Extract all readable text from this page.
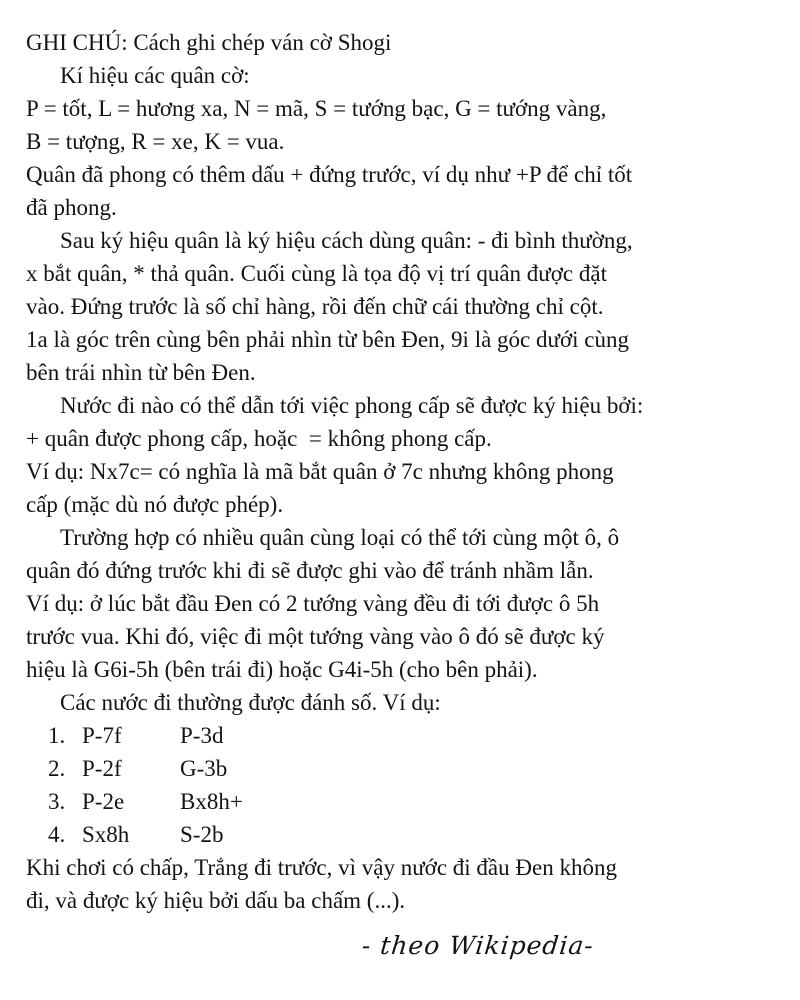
GHI CHÚ: Cách ghi chép ván cờ Shogi
Kí hiệu các quân cờ:
P = tốt, L = hương xa, N = mã, S = tướng bạc, G = tướng vàng,
B = tượng, R = xe, K = vua.
Quân đã phong có thêm dấu + đứng trước, ví dụ như +P để chỉ tốt
đã phong.
Sau ký hiệu quân là ký hiệu cách dùng quân: - đi bình thường,
x bắt quân, * thả quân. Cuối cùng là tọa độ vị trí quân được đặt
vào. Đứng trước là số chỉ hàng, rồi đến chữ cái thường chỉ cột.
1a là góc trên cùng bên phải nhìn từ bên Đen, 9i là góc dưới cùng
bên trái nhìn từ bên Đen.
Nước đi nào có thể dẫn tới việc phong cấp sẽ được ký hiệu bởi:
+ quân được phong cấp, hoặc  = không phong cấp.
Ví dụ: Nx7c= có nghĩa là mã bắt quân ở 7c nhưng không phong
cấp (mặc dù nó được phép).
Trường hợp có nhiều quân cùng loại có thể tới cùng một ô, ô
quân đó đứng trước khi đi sẽ được ghi vào để tránh nhầm lẫn.
Ví dụ: ở lúc bắt đầu Đen có 2 tướng vàng đều đi tới được ô 5h
trước vua. Khi đó, việc đi một tướng vàng vào ô đó sẽ được ký
hiệu là G6i-5h (bên trái đi) hoặc G4i-5h (cho bên phải).
Các nước đi thường được đánh số. Ví dụ:
1. P-7f	P-3d
2. P-2f	G-3b
3. P-2e	Bx8h+
4. Sx8h	S-2b
Khi chơi có chấp, Trắng đi trước, vì vậy nước đi đầu Đen không
đi, và được ký hiệu bởi dấu ba chấm (...).
- theo Wikipedia-
